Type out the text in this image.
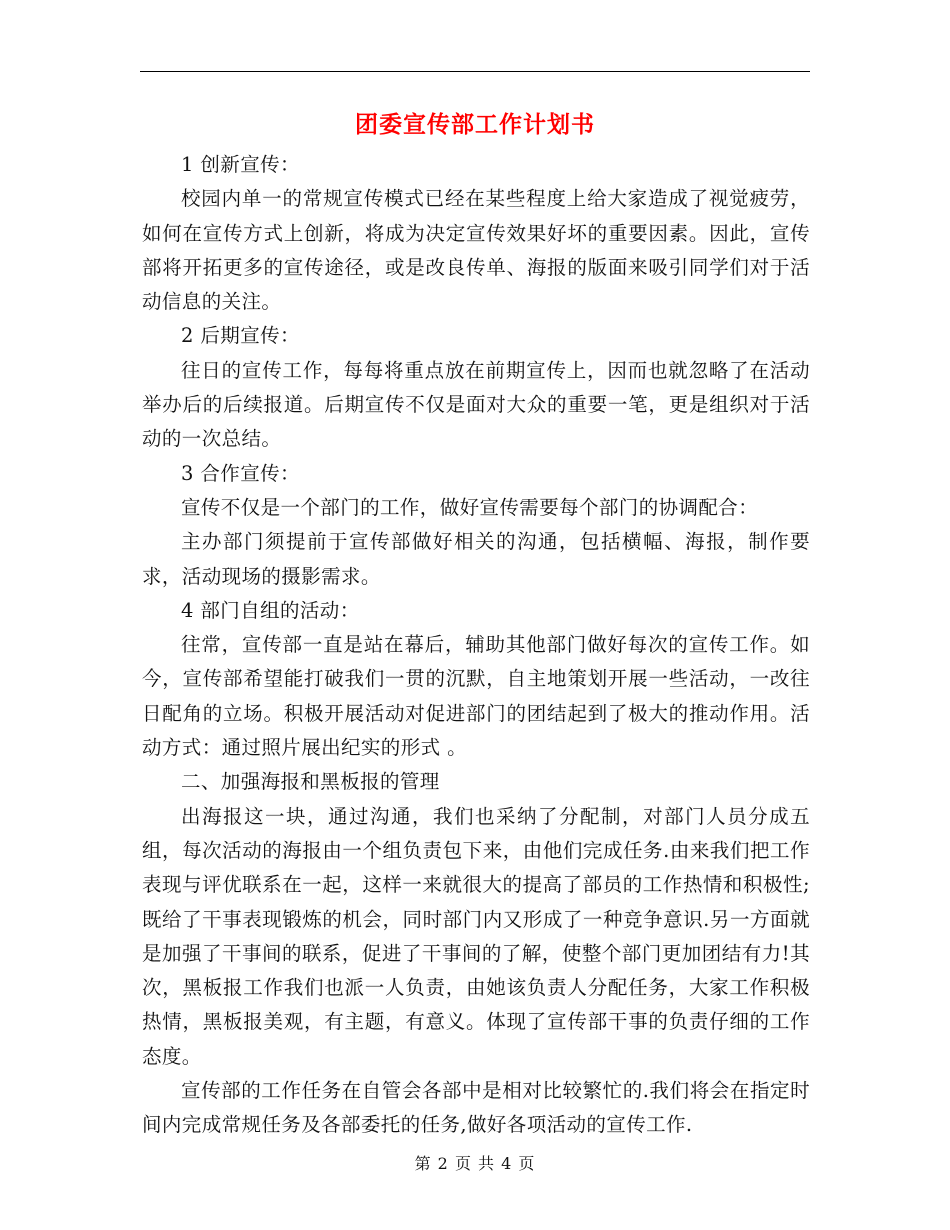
团委宣传部工作计划书

1 创新宣传：

校园内单一的常规宣传模式已经在某些程度上给大家造成了视觉疲劳，如何在宣传方式上创新，将成为决定宣传效果好坏的重要因素。因此，宣传部将开拓更多的宣传途径，或是改良传单、海报的版面来吸引同学们对于活动信息的关注。

2 后期宣传：

往日的宣传工作，每每将重点放在前期宣传上，因而也就忽略了在活动举办后的后续报道。后期宣传不仅是面对大众的重要一笔，更是组织对于活动的一次总结。

3 合作宣传：

宣传不仅是一个部门的工作，做好宣传需要每个部门的协调配合：

主办部门须提前于宣传部做好相关的沟通，包括横幅、海报，制作要求，活动现场的摄影需求。

4 部门自组的活动：

往常，宣传部一直是站在幕后，辅助其他部门做好每次的宣传工作。如今，宣传部希望能打破我们一贯的沉默，自主地策划开展一些活动，一改往日配角的立场。积极开展活动对促进部门的团结起到了极大的推动作用。活动方式：通过照片展出纪实的形式 。

二、加强海报和黑板报的管理

出海报这一块，通过沟通，我们也采纳了分配制，对部门人员分成五组，每次活动的海报由一个组负责包下来，由他们完成任务.由来我们把工作表现与评优联系在一起，这样一来就很大的提高了部员的工作热情和积极性;既给了干事表现锻炼的机会，同时部门内又形成了一种竞争意识.另一方面就是加强了干事间的联系，促进了干事间的了解，使整个部门更加团结有力!其次，黑板报工作我们也派一人负责，由她该负责人分配任务，大家工作积极热情，黑板报美观，有主题，有意义。体现了宣传部干事的负责仔细的工作态度。

宣传部的工作任务在自管会各部中是相对比较繁忙的.我们将会在指定时间内完成常规任务及各部委托的任务,做好各项活动的宣传工作.

第 2 页 共 4 页
